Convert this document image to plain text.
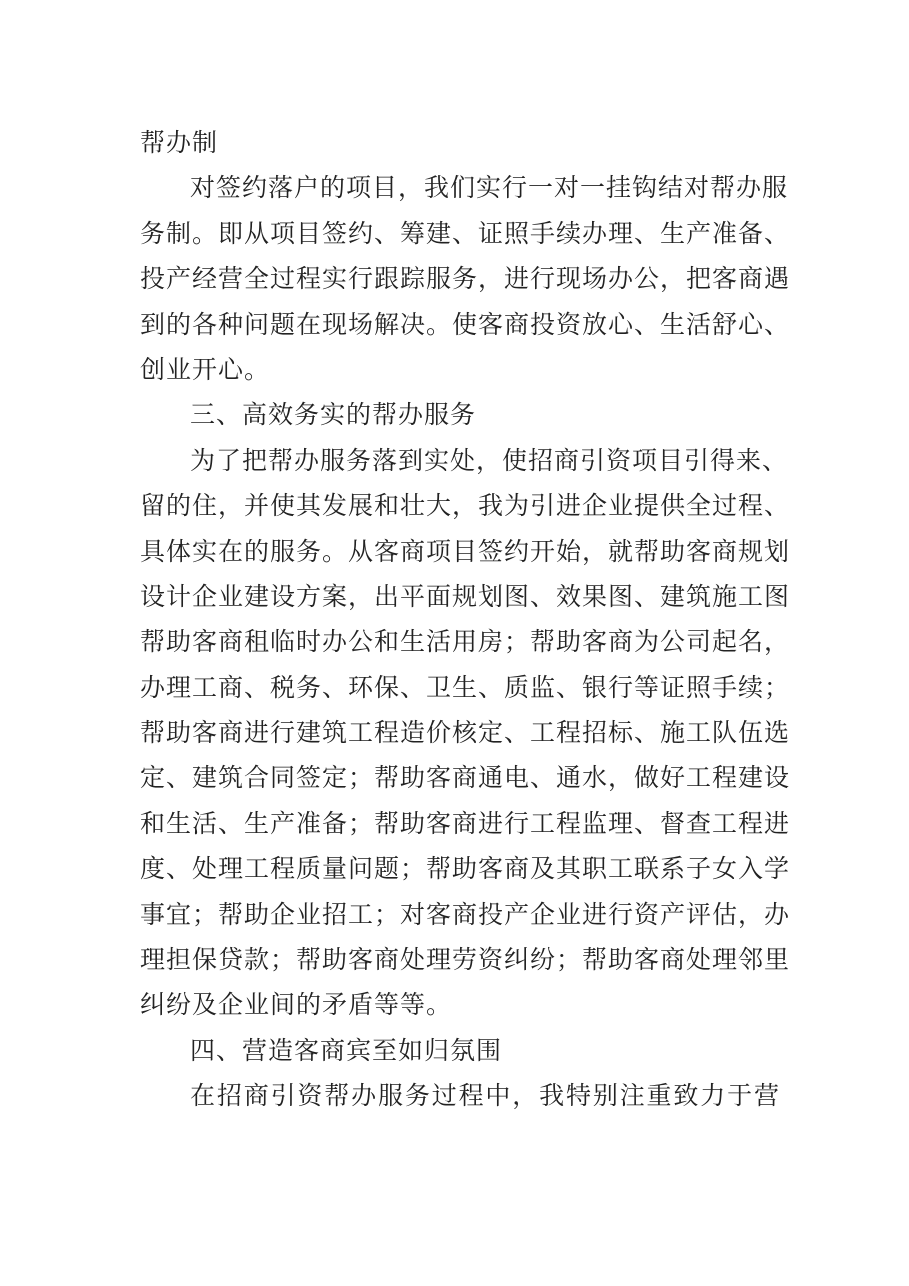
帮办制
对签约落户的项目，我们实行一对一挂钩结对帮办服
务制。即从项目签约、筹建、证照手续办理、生产准备、
投产经营全过程实行跟踪服务，进行现场办公，把客商遇
到的各种问题在现场解决。使客商投资放心、生活舒心、
创业开心。
三、高效务实的帮办服务
为了把帮办服务落到实处，使招商引资项目引得来、
留的住，并使其发展和壮大，我为引进企业提供全过程、
具体实在的服务。从客商项目签约开始，就帮助客商规划
设计企业建设方案，出平面规划图、效果图、建筑施工图
帮助客商租临时办公和生活用房；帮助客商为公司起名，
办理工商、税务、环保、卫生、质监、银行等证照手续；
帮助客商进行建筑工程造价核定、工程招标、施工队伍选
定、建筑合同签定；帮助客商通电、通水，做好工程建设
和生活、生产准备；帮助客商进行工程监理、督查工程进
度、处理工程质量问题；帮助客商及其职工联系子女入学
事宜；帮助企业招工；对客商投产企业进行资产评估，办
理担保贷款；帮助客商处理劳资纠纷；帮助客商处理邻里
纠纷及企业间的矛盾等等。
四、营造客商宾至如归氛围
在招商引资帮办服务过程中，我特别注重致力于营
